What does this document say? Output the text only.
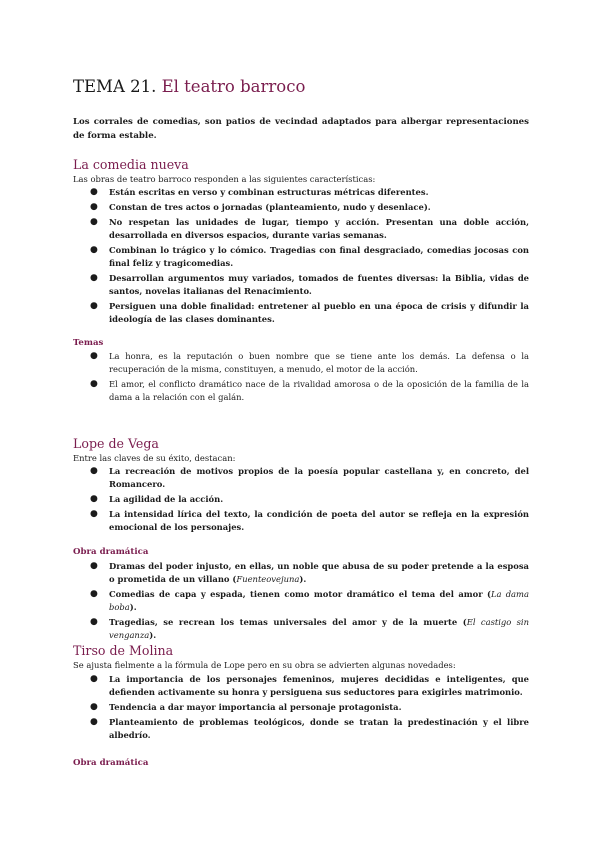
TEMA 21. El teatro barroco
Los corrales de comedias, son patios de vecindad adaptados para albergar representaciones de forma estable.
La comedia nueva
Las obras de teatro barroco responden a las siguientes características:
● Están escritas en verso y combinan estructuras métricas diferentes.
● Constan de tres actos o jornadas (planteamiento, nudo y desenlace).
● No respetan las unidades de lugar, tiempo y acción. Presentan una doble acción, desarrollada en diversos espacios, durante varias semanas.
● Combinan lo trágico y lo cómico. Tragedias con final desgraciado, comedias jocosas con final feliz y tragicomedias.
● Desarrollan argumentos muy variados, tomados de fuentes diversas: la Biblia, vidas de santos, novelas italianas del Renacimiento.
● Persiguen una doble finalidad: entretener al pueblo en una época de crisis y difundir la ideología de las clases dominantes.
Temas
● La honra, es la reputación o buen nombre que se tiene ante los demás. La defensa o la recuperación de la misma, constituyen, a menudo, el motor de la acción.
● El amor, el conflicto dramático nace de la rivalidad amorosa o de la oposición de la familia de la dama a la relación con el galán.
Lope de Vega
Entre las claves de su éxito, destacan:
● La recreación de motivos propios de la poesía popular castellana y, en concreto, del Romancero.
● La agilidad de la acción.
● La intensidad lírica del texto, la condición de poeta del autor se refleja en la expresión emocional de los personajes.
Obra dramática
● Dramas del poder injusto, en ellas, un noble que abusa de su poder pretende a la esposa o prometida de un villano (Fuenteovejuna).
● Comedias de capa y espada, tienen como motor dramático el tema del amor (La dama boba).
● Tragedias, se recrean los temas universales del amor y de la muerte (El castigo sin venganza).
Tirso de Molina
Se ajusta fielmente a la fórmula de Lope pero en su obra se advierten algunas novedades:
● La importancia de los personajes femeninos, mujeres decididas e inteligentes, que defienden activamente su honra y persiguena sus seductores para exigirles matrimonio.
● Tendencia a dar mayor importancia al personaje protagonista.
● Planteamiento de problemas teológicos, donde se tratan la predestinación y el libre albedrío.
Obra dramática
